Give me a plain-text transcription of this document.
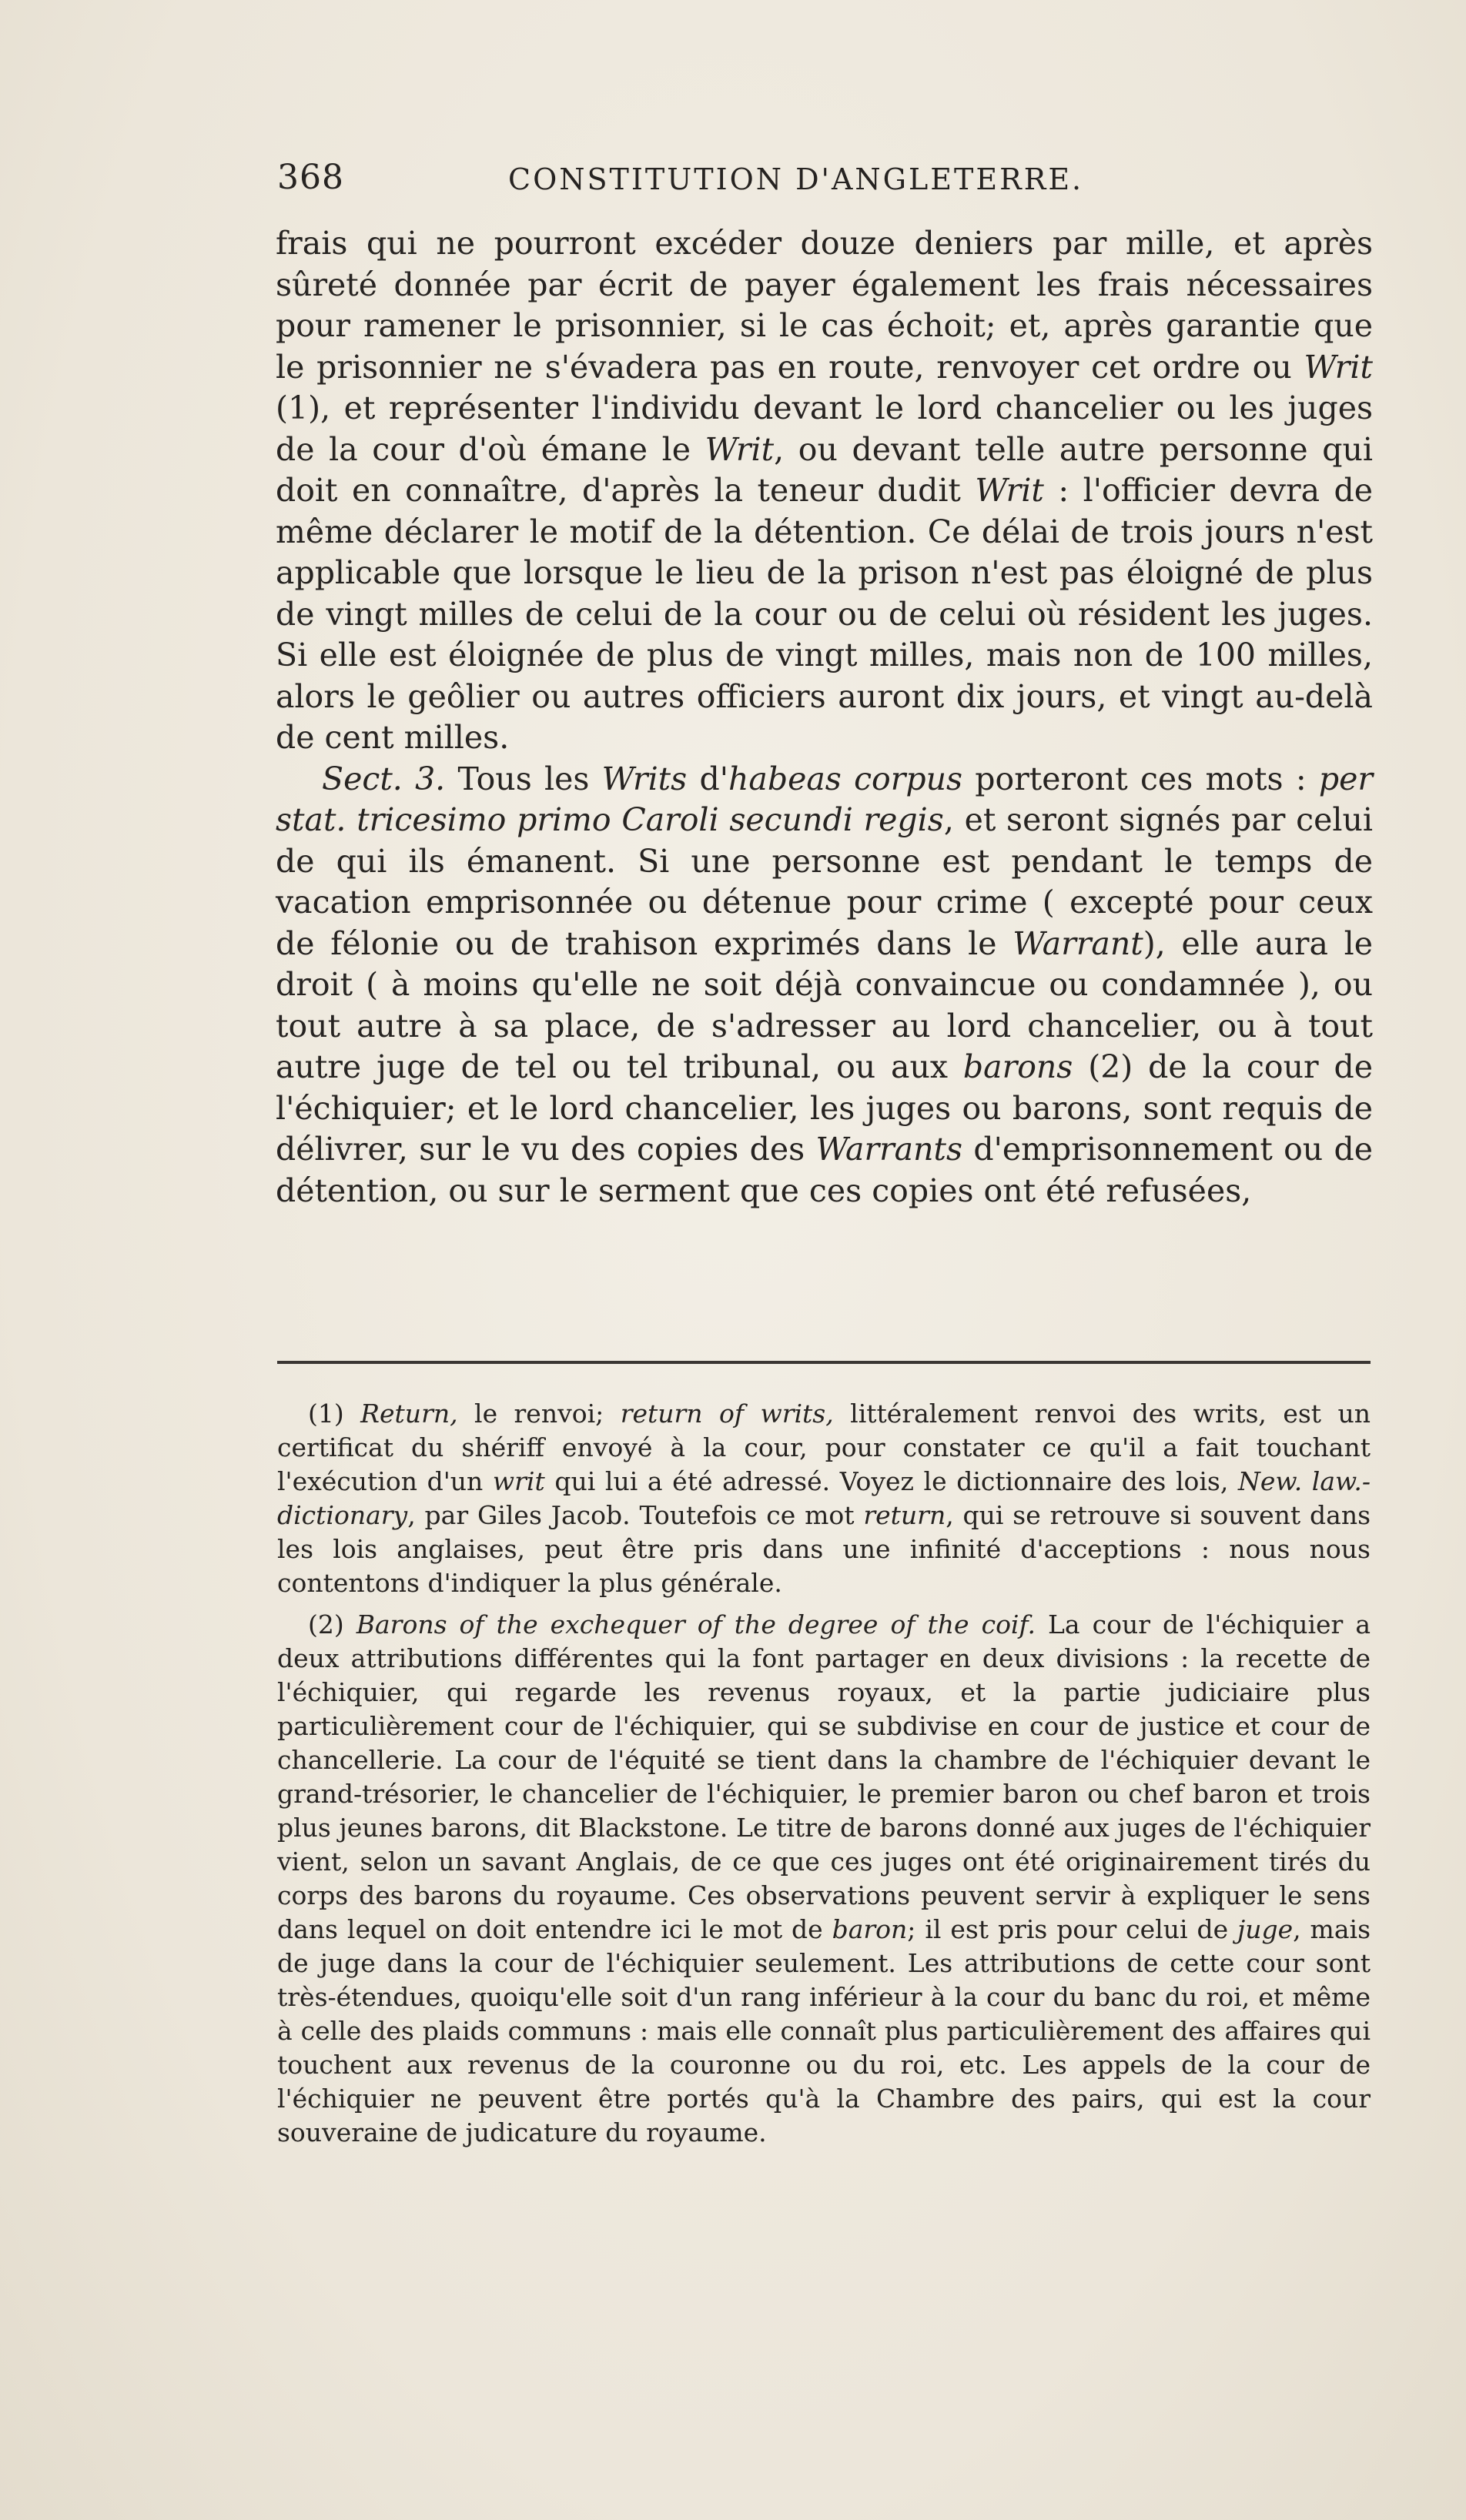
368	CONSTITUTION D'ANGLETERRE.

frais qui ne pourront excéder douze deniers par mille, et après sûreté donnée par écrit de payer également les frais nécessaires pour ramener le prisonnier, si le cas échoit; et, après garantie que le prisonnier ne s'évadera pas en route, renvoyer cet ordre ou Writ (1), et représenter l'individu devant le lord chancelier ou les juges de la cour d'où émane le Writ, ou devant telle autre personne qui doit en connaître, d'après la teneur dudit Writ : l'officier devra de même déclarer le motif de la détention. Ce délai de trois jours n'est applicable que lorsque le lieu de la prison n'est pas éloigné de plus de vingt milles de celui de la cour ou de celui où résident les juges. Si elle est éloignée de plus de vingt milles, mais non de 100 milles, alors le geôlier ou autres officiers auront dix jours, et vingt au-delà de cent milles.

Sect. 3. Tous les Writs d'habeas corpus porteront ces mots : per stat. tricesimo primo Caroli secundi regis, et seront signés par celui de qui ils émanent. Si une personne est pendant le temps de vacation emprisonnée ou détenue pour crime ( excepté pour ceux de félonie ou de trahison exprimés dans le Warrant), elle aura le droit ( à moins qu'elle ne soit déjà convaincue ou condamnée ), ou tout autre à sa place, de s'adresser au lord chancelier, ou à tout autre juge de tel ou tel tribunal, ou aux barons (2) de la cour de l'échiquier; et le lord chancelier, les juges ou barons, sont requis de délivrer, sur le vu des copies des Warrants d'emprisonnement ou de détention, ou sur le serment que ces copies ont été refusées,

(1) Return, le renvoi; return of writs, littéralement renvoi des writs, est un certificat du shériff envoyé à la cour, pour constater ce qu'il a fait touchant l'exécution d'un writ qui lui a été adressé. Voyez le dictionnaire des lois, New. law.-dictionary, par Giles Jacob. Toutefois ce mot return, qui se retrouve si souvent dans les lois anglaises, peut être pris dans une infinité d'acceptions : nous nous contentons d'indiquer la plus générale.

(2) Barons of the exchequer of the degree of the coif. La cour de l'échiquier a deux attributions différentes qui la font partager en deux divisions : la recette de l'échiquier, qui regarde les revenus royaux, et la partie judiciaire plus particulièrement cour de l'échiquier, qui se subdivise en cour de justice et cour de chancellerie. La cour de l'équité se tient dans la chambre de l'échiquier devant le grand-trésorier, le chancelier de l'échiquier, le premier baron ou chef baron et trois plus jeunes barons, dit Blackstone. Le titre de barons donné aux juges de l'échiquier vient, selon un savant Anglais, de ce que ces juges ont été originairement tirés du corps des barons du royaume. Ces observations peuvent servir à expliquer le sens dans lequel on doit entendre ici le mot de baron; il est pris pour celui de juge, mais de juge dans la cour de l'échiquier seulement. Les attributions de cette cour sont très-étendues, quoiqu'elle soit d'un rang inférieur à la cour du banc du roi, et même à celle des plaids communs : mais elle connaît plus particulièrement des affaires qui touchent aux revenus de la couronne ou du roi, etc. Les appels de la cour de l'échiquier ne peuvent être portés qu'à la Chambre des pairs, qui est la cour souveraine de judicature du royaume.
